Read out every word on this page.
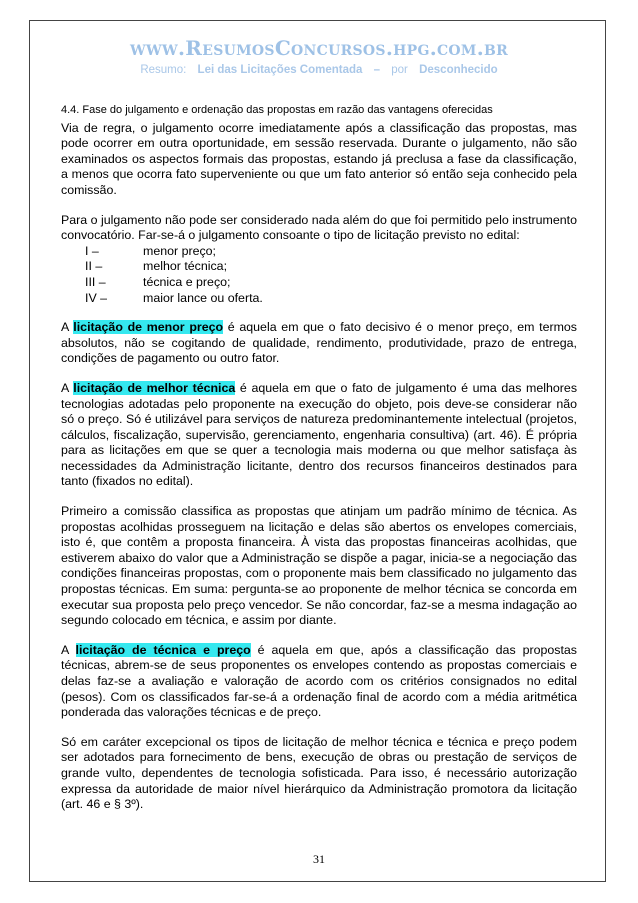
www.ResumosConcursos.hpg.com.br
Resumo: Lei das Licitações Comentada – por Desconhecido

4.4. Fase do julgamento e ordenação das propostas em razão das vantagens oferecidas

Via de regra, o julgamento ocorre imediatamente após a classificação das propostas, mas pode ocorrer em outra oportunidade, em sessão reservada. Durante o julgamento, não são examinados os aspectos formais das propostas, estando já preclusa a fase da classificação, a menos que ocorra fato superveniente ou que um fato anterior só então seja conhecido pela comissão.

Para o julgamento não pode ser considerado nada além do que foi permitido pelo instrumento convocatório. Far-se-á o julgamento consoante o tipo de licitação previsto no edital:

I –	menor preço;
II –	melhor técnica;
III –	técnica e preço;
IV –	maior lance ou oferta.

A licitação de menor preço é aquela em que o fato decisivo é o menor preço, em termos absolutos, não se cogitando de qualidade, rendimento, produtividade, prazo de entrega, condições de pagamento ou outro fator.

A licitação de melhor técnica é aquela em que o fato de julgamento é uma das melhores tecnologias adotadas pelo proponente na execução do objeto, pois deve-se considerar não só o preço. Só é utilizável para serviços de natureza predominantemente intelectual (projetos, cálculos, fiscalização, supervisão, gerenciamento, engenharia consultiva) (art. 46). É própria para as licitações em que se quer a tecnologia mais moderna ou que melhor satisfaça às necessidades da Administração licitante, dentro dos recursos financeiros destinados para tanto (fixados no edital).

Primeiro a comissão classifica as propostas que atinjam um padrão mínimo de técnica. As propostas acolhidas prosseguem na licitação e delas são abertos os envelopes comerciais, isto é, que contêm a proposta financeira. À vista das propostas financeiras acolhidas, que estiverem abaixo do valor que a Administração se dispõe a pagar, inicia-se a negociação das condições financeiras propostas, com o proponente mais bem classificado no julgamento das propostas técnicas. Em suma: pergunta-se ao proponente de melhor técnica se concorda em executar sua proposta pelo preço vencedor. Se não concordar, faz-se a mesma indagação ao segundo colocado em técnica, e assim por diante.

A licitação de técnica e preço é aquela em que, após a classificação das propostas técnicas, abrem-se de seus proponentes os envelopes contendo as propostas comerciais e delas faz-se a avaliação e valoração de acordo com os critérios consignados no edital (pesos). Com os classificados far-se-á a ordenação final de acordo com a média aritmética ponderada das valorações técnicas e de preço.

Só em caráter excepcional os tipos de licitação de melhor técnica e técnica e preço podem ser adotados para fornecimento de bens, execução de obras ou prestação de serviços de grande vulto, dependentes de tecnologia sofisticada. Para isso, é necessário autorização expressa da autoridade de maior nível hierárquico da Administração promotora da licitação (art. 46 e § 3º).

31
